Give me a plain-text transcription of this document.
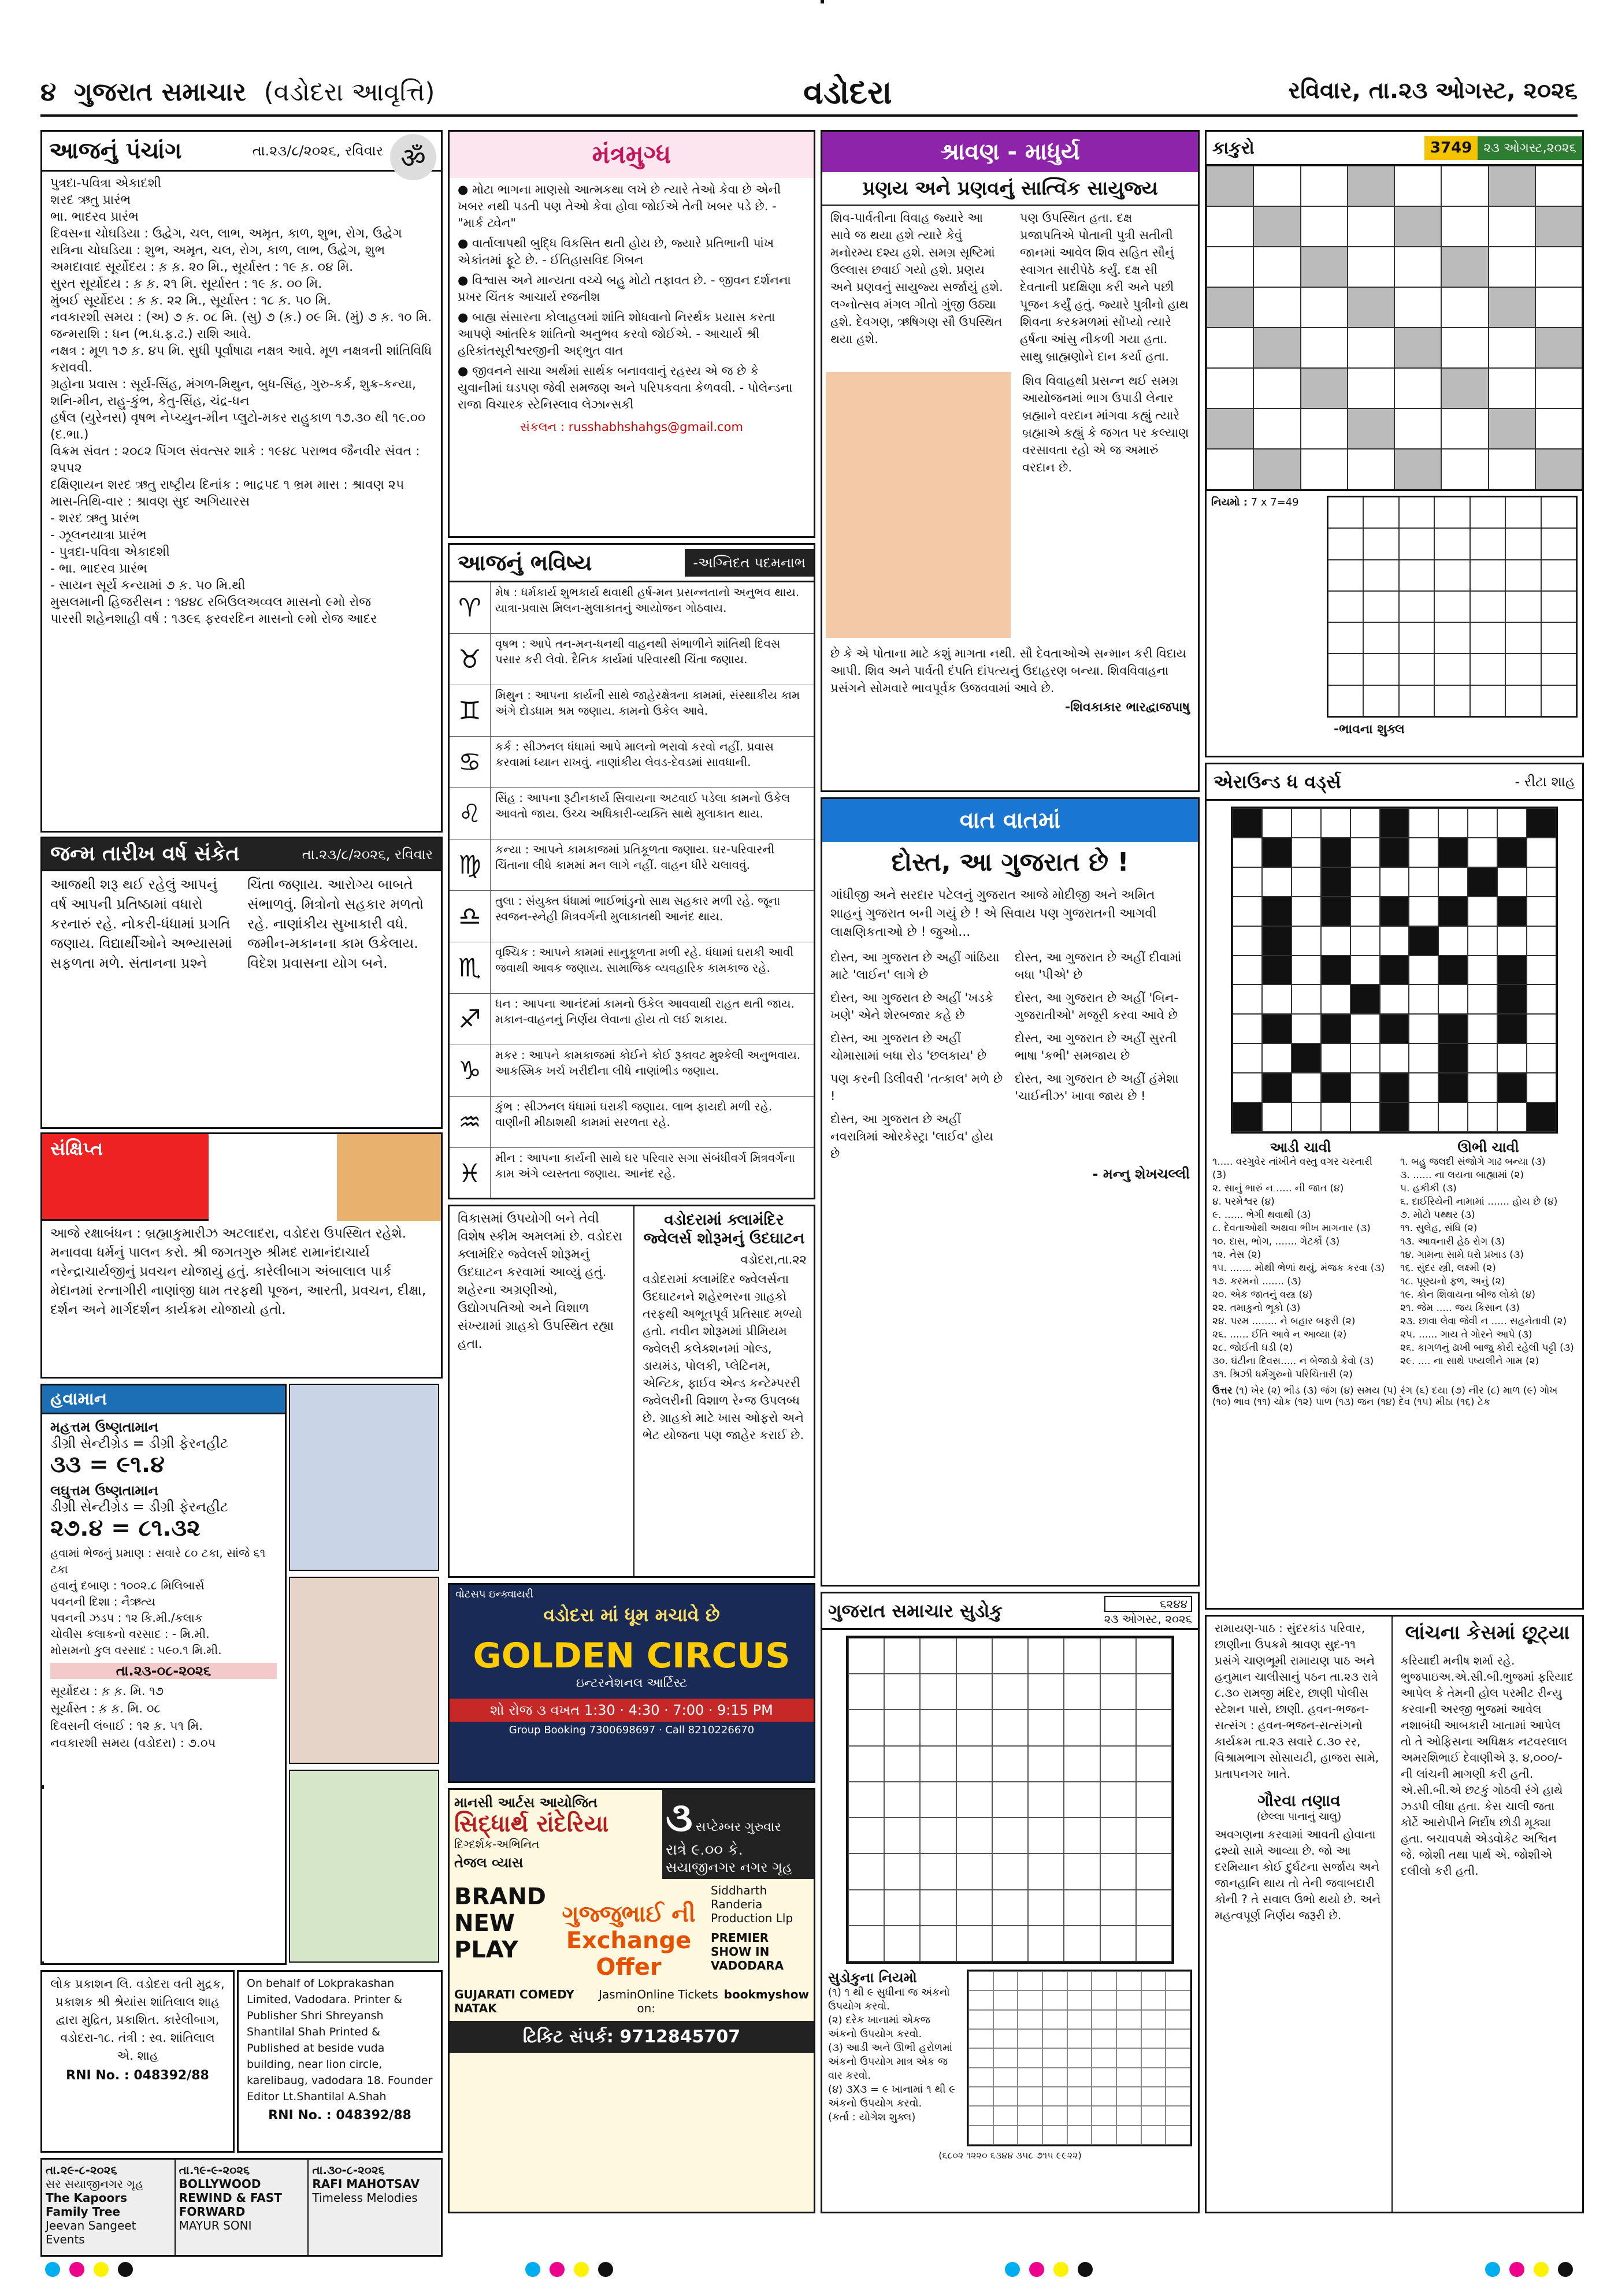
૪ ગુજરાત સમાચાર (વડોદરા આવૃત્તિ)	વડોદરા	રવિવાર, તા.૨૩ ઓગસ્ટ, ૨૦૨૬
આજનું પંચાંગ	તા.૨૩/૮/૨૦૨૬, રવિવાર ॐ
પુત્રદા-પવિત્રા એકાદશી
શરદ ઋતુ પ્રારંભ
ભા. ભાદરવ પ્રારંભ
દિવસના ચોઘડિયા : ઉદ્વેગ, ચલ, લાભ, અમૃત, કાળ, શુભ, રોગ, ઉદ્વેગ
રાત્રિના ચોઘડિયા : શુભ, અમૃત, ચલ, રોગ, કાળ, લાભ, ઉદ્વેગ, શુભ
અમદાવાદ સૂર્યોદય : ક઼ ક઼. ૨૦ મિ., સૂર્યાસ્ત : ૧૯ ક઼. ૦૪ મિ.
સુરત સૂર્યોદય : ક઼ ક઼. ૨૧ મિ. સૂર્યાસ્ત : ૧૯ ક઼. ૦૦ મિ.
મુંબઈ સૂર્યોદય : ક઼ ક઼. ૨૨ મિ., સૂર્યાસ્ત : ૧૮ ક઼. ૫૦ મિ.
નવકારશી સમય : (અ) ૭ ક઼. ૦૮ મિ. (સુ) ૭ (ક઼.) ૦૯ મિ. (મું) ૭ ક઼. ૧૦ મિ.
જન્મરાશિ : ધન (ભ.ધ.ફ.ઢ.) રાશિ આવે.
નક્ષત્ર : મૂળ ૧૭ ક઼. ૪૫ મિ. સુધી પૂર્વાષાઢા નક્ષત્ર આવે. મૂળ નક્ષત્રની શાંતિવિધિ કરાવવી.
ગ્રહોના પ્રવાસ : સૂર્ય-સિંહ, મંગળ-મિથુન, બુધ-સિંહ, ગુરુ-કર્ક, શુક્ર-કન્યા, શનિ-મીન, રાહુ-કુંભ, કેતુ-સિંહ, ચંદ્ર-ધન
હર્ષલ (યુરેનસ) વૃષભ નેપ્ચ્યુન-મીન પ્લુટો-મકર રાહુકાળ ૧૭.૩૦ થી ૧૯.૦૦ (દ.ભા.)
વિક્રમ સંવત : ૨૦૮૨ પિંગલ સંવત્સર શાકે : ૧૯૪૮ પરાભવ જૈનવીર સંવત : ૨૫૫૨
દક્ષિણાયન શરદ ઋતુ રાષ્ટ્રીય દિનાંક : ભાદ્રપદ ૧ ભ્રમ માસ : શ્રાવણ ૨૫
માસ-તિથિ-વાર : શ્રાવણ સુદ અગિયારસ
- શરદ ઋતુ પ્રારંભ
- ઝૂલનયાત્રા પ્રારંભ
- પુત્રદા-પવિત્રા એકાદશી
- ભા. ભાદરવ પ્રારંભ
- સાયન સૂર્ય કન્યામાં ૭ ક઼. ૫૦ મિ.થી
મુસલમાની હિજરીસન : ૧૪૪૮ રબિઉલઅવ્વલ માસનો ૯મો રોજ
પારસી શહેનશાહી વર્ષ : ૧૩૯૬ ફરવરદિન માસનો ૯મો રોજ આદર
જન્મ તારીખ વર્ષ સંકેત	તા.૨૩/૮/૨૦૨૬, રવિવાર
આજથી શરૂ થઈ રહેલું આપનું વર્ષ આપની પ્રતિષ્ઠામાં વધારો કરનારું રહે. નોકરી-ધંધામાં પ્રગતિ જણાય. વિદ્યાર્થીઓને અભ્યાસમાં સફળતા મળે. સંતાનના પ્રશ્ને ચિંતા જણાય. આરોગ્ય બાબતે સંભાળવું. મિત્રોનો સહકાર મળતો રહે. નાણાંકીય સુખાકારી વધે. જમીન-મકાનના કામ ઉકેલાય. વિદેશ પ્રવાસના યોગ બને.
સંક્ષિપ્ત
આજે રક્ષાબંધન : બ્રહ્માકુમારીઝ અટલાદરા, વડોદરા ઉપસ્થિત રહેશે. મનાવવા ધર્મનું પાલન કરો. શ્રી જગતગુરુ શ્રીમદ રામાનંદાચાર્ય નરેન્દ્રાચાર્યજીનું પ્રવચન યોજાયું હતું. કારેલીબાગ અંબાલાલ પાર્ક મેદાનમાં રત્નાગીરી નાણાંજી ધામ તરફથી પૂજન, આરતી, પ્રવચન, દીક્ષા, દર્શન અને માર્ગદર્શન કાર્યક્રમ યોજાયો હતો.
હવામાન
મહત્તમ ઉષ્ણતામાન
ડીગ્રી સેન્ટીગ્રેડ = ડીગ્રી ફેરનહીટ
૩૩ = ૯૧.૪
લઘુત્તમ ઉષ્ણતામાન
ડીગ્રી સેન્ટીગ્રેડ = ડીગ્રી ફેરનહીટ
૨૭.૪ = ૮૧.૩૨
હવામાં ભેજનું પ્રમાણ : સવારે ૮૦ ટકા, સાંજે ૬૧ ટકા
હવાનું દબાણ : ૧૦૦૨.૮ મિલિબાર્સ
પવનની દિશા : નૈઋત્ય
પવનની ઝડપ : ૧૨ કિ.મી./કલાક
ચોવીસ કલાકનો વરસાદ : - મિ.મી.
મોસમનો કુલ વરસાદ : ૫૯૦.૧ મિ.મી.
તા.૨૩-૦૮-૨૦૨૬
સૂર્યોદય : ક઼ ક઼. મિ. ૧૭
સૂર્યાસ્ત : ક઼ ક઼. મિ. ૦૮
દિવસની લંબાઈ : ૧૨ ક઼. ૫૧ મિ.
નવકારશી સમય (વડોદરા) : ૭.૦૫
લોક પ્રકાશન લિ. વડોદરા વતી મુદ્રક, પ્રકાશક શ્રી શ્રેયાંસ શાંતિલાલ શાહ દ્વારા મુદ્રિત, પ્રકાશિત. કારેલીબાગ, વડોદરા-૧૮. તંત્રી : સ્વ. શાંતિલાલ એ. શાહ
RNI No. : 048392/88
On behalf of Lokprakashan Limited, Vadodara. Printer & Publisher Shri Shreyansh Shantilal Shah Printed & Published at beside vuda building, near lion circle, karelibaug, vadodara 18. Founder Editor Lt.Shantilal A.Shah
RNI No. : 048392/88
મંત્રમુગ્ધ
● મોટા ભાગના માણસો આત્મકથા લખે છે ત્યારે તેઓ કેવા છે એની ખબર નથી પડતી પણ તેઓ કેવા હોવા જોઈએ તેની ખબર પડે છે. - "માર્ક ટ્વેન"
● વાર્તાલાપથી બુદ્ધિ વિકસિત થતી હોય છે, જ્યારે પ્રતિભાની પાંખ એકાંતમાં ફૂટે છે. - ઈતિહાસવિદ ગિબન
● વિશ્વાસ અને માન્યતા વચ્ચે બહુ મોટો તફાવત છે. - જીવન દર્શનના પ્રખર ચિંતક આચાર્ય રજનીશ
● બાહ્ય સંસારના કોલાહલમાં શાંતિ શોધવાનો નિરર્થક પ્રયાસ કરતા આપણે આંતરિક શાંતિનો અનુભવ કરવો જોઈએ. - આચાર્ય શ્રી હરિકાંતસૂરીશ્વરજીની અદ્ભુત વાત
● જીવનને સાચા અર્થમાં સાર્થક બનાવવાનું રહસ્ય એ જ છે કે યુવાનીમાં ઘડપણ જેવી સમજણ અને પરિપકવતા કેળવવી. - પોલેન્ડના રાજા વિચારક સ્ટેનિસ્લાવ લેઝાન્સકી
સંકલન : russhabhshahgs@gmail.com
આજનું ભવિષ્ય	-અગ્નિદત પદમનાભ
♈
મેષ : ધર્મકાર્ય શુભકાર્ય થવાથી હર્ષ-મન પ્રસન્નતાનો અનુભવ થાય. યાત્રા-પ્રવાસ મિલન-મુલાકાતનું આયોજન ગોઠવાય.
♉
વૃષભ : આપે તન-મન-ધનથી વાહનથી સંભાળીને શાંતિથી દિવસ પસાર કરી લેવો. દૈનિક કાર્યમાં પરિવારથી ચિંતા જણાય.
♊
મિથુન : આપના કાર્યની સાથે જાહેરક્ષેત્રના કામમાં, સંસ્થાકીય કામ અંગે દોડધામ શ્રમ જણાય. કામનો ઉકેલ આવે.
♋
કર્ક : સીઝનલ ધંધામાં આપે માલનો ભરાવો કરવો નહીં. પ્રવાસ કરવામાં ધ્યાન રાખવું. નાણાંકીય લેવડ-દેવડમાં સાવધાની.
♌
સિંહ : આપના રૂટીનકાર્ય સિવાયના અટવાઈ પડેલા કામનો ઉકેલ આવતો જાય. ઉચ્ચ અધિકારી-વ્યક્તિ સાથે મુલાકાત થાય.
♍
કન્યા : આપને કામકાજમાં પ્રતિકૂળતા જણાય. ઘર-પરિવારની ચિંતાના લીધે કામમાં મન લાગે નહીં. વાહન ધીરે ચલાવવું.
♎
તુલા : સંયુક્ત ધંધામાં ભાઈભાંડુનો સાથ સહકાર મળી રહે. જૂના સ્વજન-સ્નેહી મિત્રવર્ગની મુલાકાતથી આનંદ થાય.
♏
વૃશ્ચિક : આપને કામમાં સાનુકૂળતા મળી રહે. ધંધામાં ઘરાકી આવી જવાથી આવક જણાય. સામાજિક વ્યવહારિક કામકાજ રહે.
♐
ધન : આપના આનંદમાં કામનો ઉકેલ આવવાથી રાહત થતી જાય. મકાન-વાહનનું નિર્ણય લેવાના હોય તો લઈ શકાય.
♑
મકર : આપને કામકાજમાં કોઈને કોઈ રૂકાવટ મુશ્કેલી અનુભવાય. આકસ્મિક ખર્ચ ખરીદીના લીધે નાણાંભીડ જણાય.
♒
કુંભ : સીઝનલ ધંધામાં ઘરાકી જણાય. લાભ ફાયદો મળી રહે. વાણીની મીઠાશથી કામમાં સરળતા રહે.
♓
મીન : આપના કાર્યની સાથે ઘર પરિવાર સગા સંબંધીવર્ગ મિત્રવર્ગના કામ અંગે વ્યસ્તતા જણાય. આનંદ રહે.
વિકાસમાં ઉપયોગી બને તેવી વિશેષ સ્કીમ અમલમાં છે. વડોદરા ક્લામંદિર જ્વેલર્સ શોરૂમનું ઉદઘાટન કરવામાં આવ્યું હતું. શહેરના અગ્રણીઓ, ઉદ્યોગપતિઓ અને વિશાળ સંખ્યામાં ગ્રાહકો ઉપસ્થિત રહ્યા હતા.
વડોદરામાં ક્લામંદિર જ્વેલર્સ શોરૂમનું ઉદઘાટન
વડોદરા,તા.૨૨
વડોદરામાં ક્લામંદિર જ્વેલર્સના ઉદઘાટનને શહેરભરના ગ્રાહકો તરફથી અભૂતપૂર્વ પ્રતિસાદ મળ્યો હતો. નવીન શોરૂમમાં પ્રીમિયમ જ્વેલરી કલેક્શનમાં ગોલ્ડ, ડાયમંડ, પોલકી, પ્લેટિનમ, એન્ટિક, ફાઈવ એન્ડ કન્ટેમ્પરરી જ્વેલરીની વિશાળ રેન્જ ઉપલબ્ધ છે. ગ્રાહકો માટે ખાસ ઓફરો અને ભેટ યોજના પણ જાહેર કરાઈ છે.
વોટસપ ઇન્ક્વાયરી
વડોદરા માં ધૂમ મચાવે છે
GOLDEN CIRCUS
ઇન્ટરનેશનલ આર્ટિસ્ટ
શો રોજ ૩ વખત 1:30 · 4:30 · 7:00 · 9:15 PM
Group Booking 7300698697 · Call 8210226670
માનસી આર્ટસ આયોજિત
સિદ્ધાર્થ રાંદેરિયા
દિગ્દર્શક-અભિનિત
તેજલ વ્યાસ
૩ સપ્ટેમ્બર ગુરુવાર
રાત્રે ૯.૦૦ કે.
સયાજીનગર નગર ગૃહ
BRAND
NEW
PLAY
ગુજ્જુભાઈ ની Exchange Offer
Siddharth Randeria Production Llp
PREMIER SHOW IN VADODARA
GUJARATI COMEDY NATAK
Jasmin Online Tickets on:
bookmyshow
ટિકિટ સંપર્ક: 9712845707
શ્રાવણ - માધુર્ય
પ્રણય અને પ્રણવનું સાત્વિક સાયુજ્ય
શિવ-પાર્વતીના વિવાહ જ્યારે આ સાવે જ થયા હશે ત્યારે કેવું મનોરમ્ય દશ્ય હશે. સમગ્ર સૃષ્ટિમાં ઉલ્લાસ છવાઈ ગયો હશે. પ્રણય અને પ્રણવનું સાયુજ્ય સર્જાયું હશે. લગ્નોત્સવ મંગલ ગીતો ગુંજી ઉઠ્યા હશે. દેવગણ, ઋષિગણ સૌ ઉપસ્થિત થયા હશે.
પણ ઉપસ્થિત હતા. દક્ષ પ્રજાપતિએ પોતાની પુત્રી સતીની જાનમાં આવેલ શિવ સહિત સૌનું સ્વાગત સારીપેઠે કર્યું. દક્ષ સી દેવતાની પ્રદક્ષિણા કરી અને પછી પૂજન કર્યું હતું. જ્યારે પુત્રીનો હાથ શિવના કરકમળમાં સોંપ્યો ત્યારે હર્ષના આંસુ નીકળી ગયા હતા. સાથુ બ્રાહ્મણોને દાન કર્યા હતા.
શિવ વિવાહથી પ્રસન્ન થઈ સમગ્ર આયોજનમાં ભાગ ઉપાડી લેનાર બ્રહ્માને વરદાન માંગવા કહ્યું ત્યારે બ્રહ્માએ કહ્યું કે જગત પર કલ્યાણ વરસાવતા રહો એ જ અમારું વરદાન છે.
છે કે એ પોતાના માટે કશું માગતા નથી. સૌ દેવતાઓએ સન્માન કરી વિદાય આપી. શિવ અને પાર્વતી દંપતિ દાંપત્યનું ઉદાહરણ બન્યા. શિવવિવાહના પ્રસંગને સોમવારે ભાવપૂર્વક ઉજવવામાં આવે છે.
-શિવકાકાર ભારદ્વાજપાષુ
વાત વાતમાં
દોસ્ત, આ ગુજરાત છે !
ગાંધીજી અને સરદાર પટેલનું ગુજરાત આજે મોદીજી અને અમિત શાહનું ગુજરાત બની ગયું છે ! એ સિવાય પણ ગુજરાતની આગવી લાક્ષણિકતાઓ છે ! જુઓ...
દોસ્ત, આ ગુજરાત છે અહીં ગાંઠિયા માટે 'લાઈન' લાગે છે
દોસ્ત, આ ગુજરાત છે અહીં 'ખડકે ખણે' એને શેરબજાર કહે છે
દોસ્ત, આ ગુજરાત છે અહીં ચોમાસામાં બધા રોડ 'છલકાય' છે
પણ કરની ડિલીવરી 'તત્કાલ' મળે છે !
દોસ્ત, આ ગુજરાત છે અહીં નવરાત્રિમાં ઓરકેસ્ટ્રા 'લાઈવ' હોય છે
દોસ્ત, આ ગુજરાત છે અહીં દીવામાં બધા 'પીએ' છે
દોસ્ત, આ ગુજરાત છે અહીં 'બિન-ગુજરાતીઓ' મજૂરી કરવા આવે છે
દોસ્ત, આ ગુજરાત છે અહીં સુરતી ભાષા 'કભી' સમજાય છે
દોસ્ત, આ ગુજરાત છે અહીં હંમેશા 'ચાઈનીઝ' ખાવા જાય છે !
- મન્નુ શેખચલ્લી
ગુજરાત સમાચાર સુડોકુ	૬૨૪૪
૨૩ ઓગસ્ટ, ૨૦૨૬
સુડોકુના નિયમો
(૧) ૧ થી ૯ સુધીના જ અંકનો ઉપયોગ કરવો.
(૨) દરેક ખાનામાં એકજ અંકનો ઉપયોગ કરવો.
(૩) આડી અને ઊભી હરોળમાં અંકનો ઉપયોગ માત્ર એક જ વાર કરવો.
(૪) ૩X૩ = ૯ ખાનામાં ૧ થી ૯ અંકનો ઉપયોગ કરવો.
(કર્તા : યોગેશ શુક્લ)
(૬૮૦૨ ૧૨૨૦ ૬૩૪૪ ૩૫૮ ૭૧૫ ૯૯૨૨)
કાકુરો	3749 ૨૩ ઓગસ્ટ,૨૦૨૬
નિયમો : 7 x 7=49
-ભાવના શુક્લ
એરાઉન્ડ ધ વર્ડ્સ	- રીટા શાહ
આડી ચાવી
૧..... વરગુવેર નાંખીને વસ્તુ વગર ચરનારી (3)
૨. સાનું ભારું ન ..... ની જાત (૪)
૪. પરમેશ્વર (૪)
૯. ...... ભેગી થવાથી (૩)
૮. દેવતાઓથી અથવા ભીખ માગનાર (૩)
૧૦. દાસ, ભોગ, ....... ગેટર્કો (૩)
૧૨. નેસ (૨)
૧૫. ....... મોથી ભેળાં થયું, મંજક કરવા (૩)
૧૭. કરમનો ....... (૩)
૨૦. એક જાતનું વસ્ત્ર (૪)
૨૨. તમાકુનો ભૂકો (૩)
૨૪. પરમ ........ ને બહાર બફરી (૨)
૨૬. ...... ઈતિ આવે ન આવ્યા (૨)
૨૮. જોઈતી ઘડી (૨)
૩૦. ઘંટીના દિવસ..... ન બેજાડો કેવો (૩)
૩૧. શ્રિઝી ધર્મગુરુનો પરિચિતારી (૨)
ઊભી ચાવી
૧. બહુ જલદી સંજોગે ગાઢ બન્યા (૩)
૩. ...... ના લયના બાહ્યામાં (૨)
૫. હકીકી (૩)
૬. દાઈરિયેની નામામાં ....... હોય છે (૪)
૭. મોટો પથ્થર (૩)
૧૧. સુલેહ, સંધિ (૨)
૧૩. આવનારી હેઠ રોગ (૩)
૧૪. ગામના સામે ઘરો પ્રખાડ (૩)
૧૬. સુંદર સ્ત્રી, લક્ષ્મી (૨)
૧૮. પૂણ્યનો ફળ, અનું (૨)
૧૯. કોન શિવાયના બીજ લોકો (૪)
૨૧. જેમ ..... જય કિસાન (૩)
૨૩. છાવા લેવા જેવી ન ..... સહનેતાવી (૨)
૨૫. ...... ગાય તે ગોરને આપે (૩)
૨૬. કાગળનું ઢાખી બાજુ કોરી રહેલી પટ્ટી (૩)
૨૯. .... ના સાથે પષ્યલીને ગામ (૨)
ઉત્તર (૧) ખેર (૨) ભીડ (૩) જંગ (૪) સમય (૫) રંગ (૬) દયા (૭) નીર (૮) માળ (૯) ગોખ (૧૦) ભાવ (૧૧) ચોક (૧૨) પાળ (૧૩) જન (૧૪) દેવ (૧૫) મીઠા (૧૬) ટેક
રામાયણ-પાઠ : સુંદરકાંડ પરિવાર, છાણીના ઉપક્રમે શ્રાવણ સુદ-૧૧ પ્રસંગે ચાણભૂમી રામાયણ પાઠ અને હનુમાન ચાલીસાનું પઠન તા.૨૩ રાત્રે ૮.૩૦ રામજી મંદિર, છાણી પોલીસ સ્ટેશન પાસે, છાણી. હવન-ભજન-સત્સંગ : હવન-ભજન-સત્સંગનો કાર્યક્રમ તા.૨૩ સવારે ૮.૩૦ રર, વિશ્રામભાગ સોસાયટી, હાજરા સામે, પ્રતાપનગર ખાતે.
ગૌરવા તણાવ
(છેલ્લા પાનાનું ચાલુ)
અવગણના કરવામાં આવતી હોવાના દ્રશ્યો સામે આવ્યા છે. જો આ દરમિયાન કોઈ દુર્ઘટના સર્જાય અને જાનહાનિ થાય તો તેની જવાબદારી કોની ? તે સવાલ ઉભો થયો છે. અને મહત્વપૂર્ણ નિર્ણય જરૂરી છે.
લાંચના કેસમાં છૂટ્યા
કરિયાદી મનીષ શર્મા રહે. ભુજપાઇઅ.એ.સી.બી.ભુજમાં ફરિયાદ આપેલ કે તેમની હોલ પરમીટ રીન્યુ કરવાની અરજી ભુજમાં આવેલ નશાબંધી આબકારી ખાતામાં આપેલ તો તે ઓફિસના અધિક્ષક નટવરલાલ અમરશિભાઈ દેવાણીએ રૂ. ૪,૦૦૦/- ની લાંચની માગણી કરી હતી. એ.સી.બી.એ છટકું ગોઠવી રંગે હાથે ઝડપી લીધા હતા. કેસ ચાલી જતા કોર્ટે આરોપીને નિર્દોષ છોડી મૂક્યા હતા. બચાવપક્ષે એડવોકેટ અશ્વિન જે. જોશી તથા પાર્થ એ. જોશીએ દલીલો કરી હતી.
તા.૨૯-૮-૨૦૨૬
સર સયાજીનગર ગૃહ
The Kapoors Family Tree
Jeevan Sangeet Events
તા.૧૯-૯-૨૦૨૬
BOLLYWOOD REWIND & FAST FORWARD
MAYUR SONI
તા.૩૦-૮-૨૦૨૬
RAFI MAHOTSAV
Timeless Melodies
